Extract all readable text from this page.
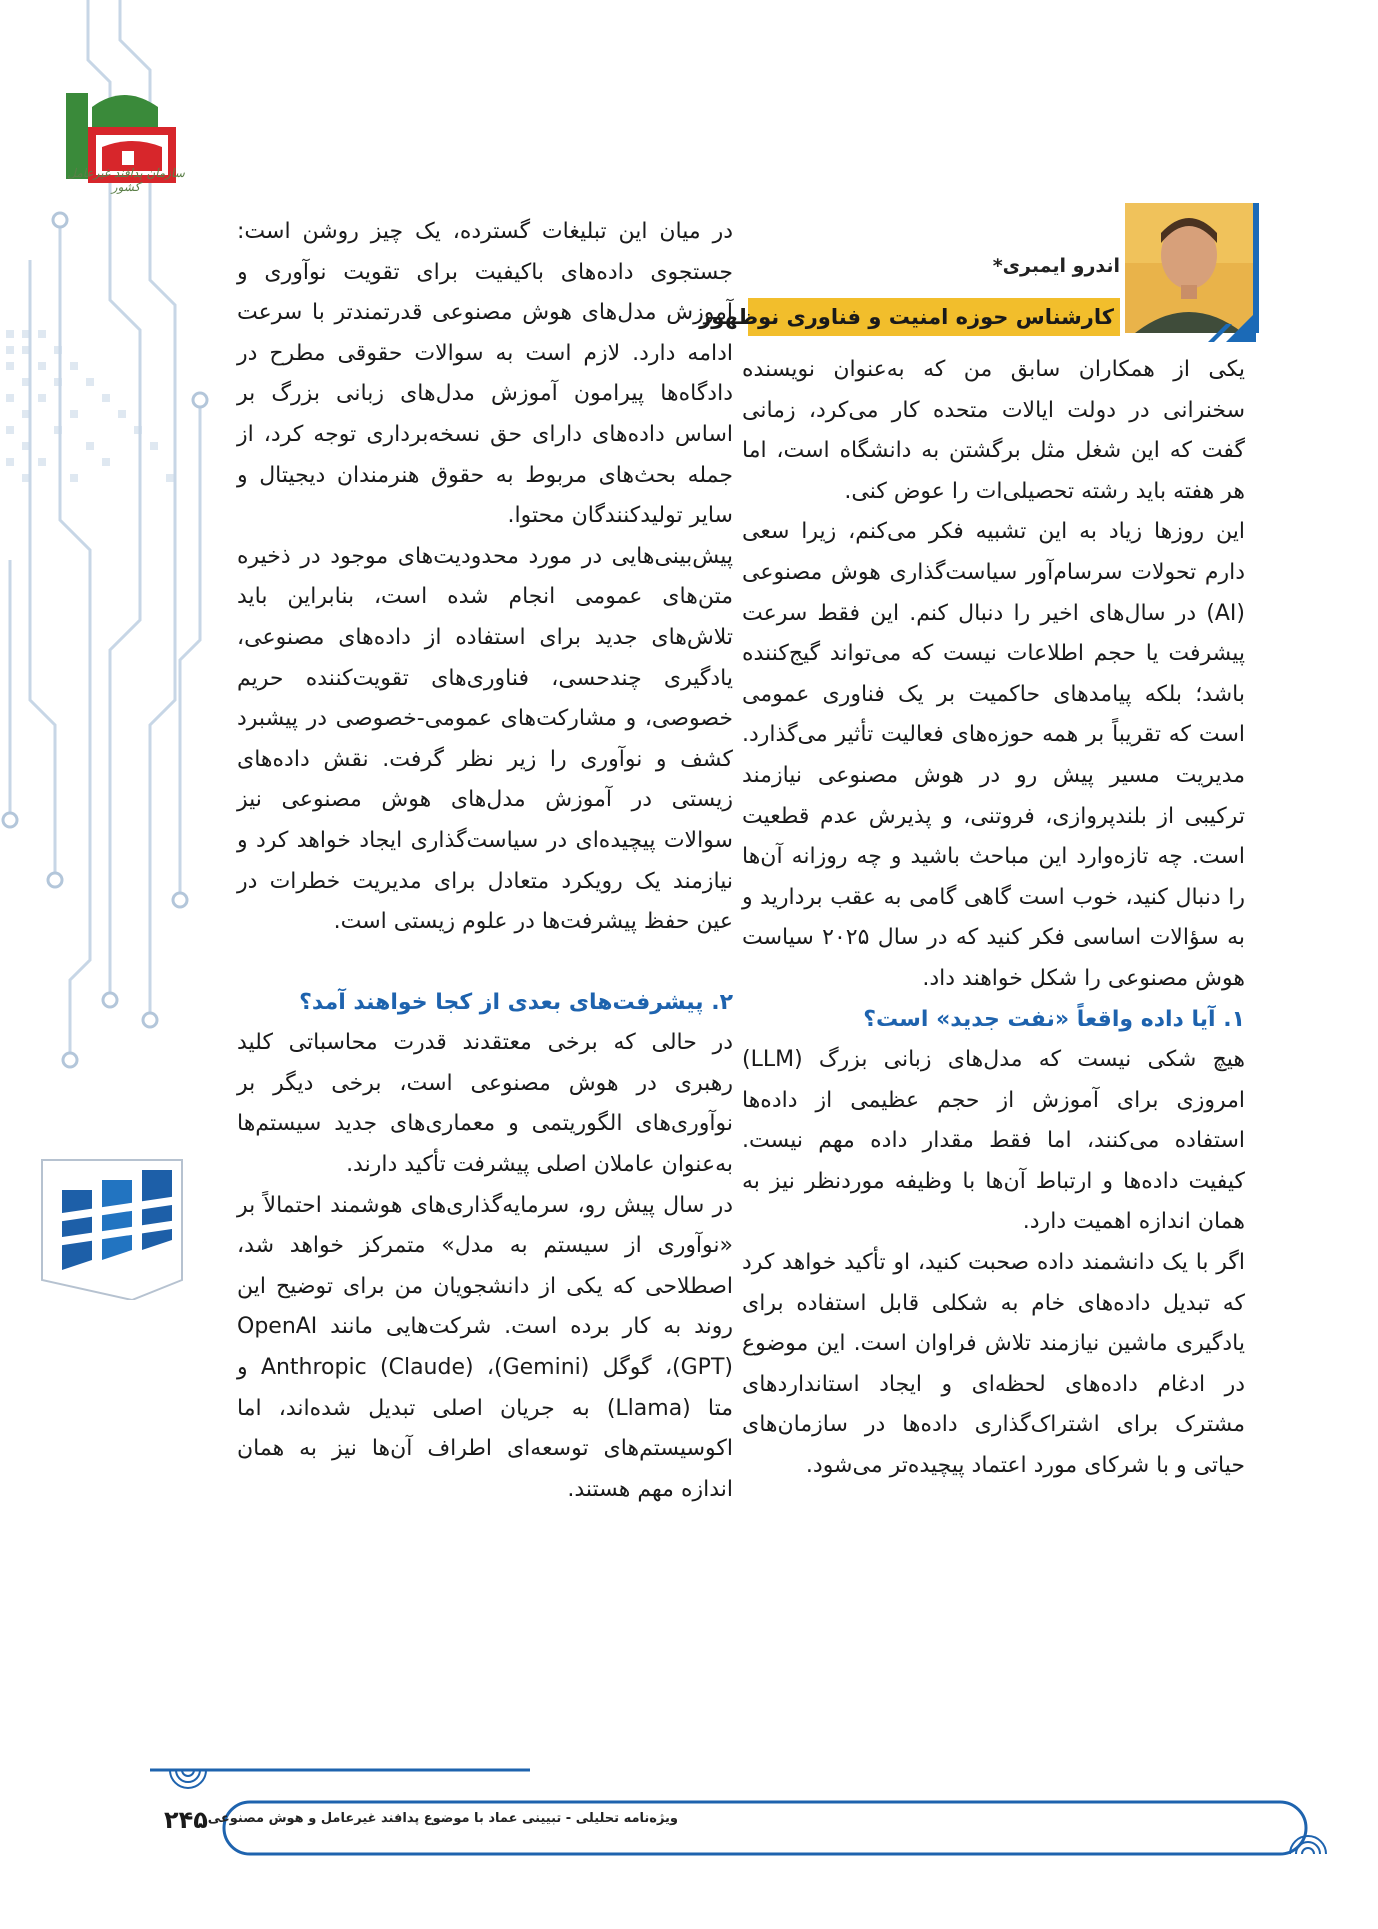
سازمان پدافند غیرعامل کشور
اندرو ایمبری*
کارشناس حوزه امنیت و فناوری نوظهور

یکی از همکاران سابق من که به‌عنوان نویسنده سخنرانی در دولت ایالات متحده کار می‌کرد، زمانی گفت که این شغل مثل برگشتن به دانشگاه است، اما هر هفته باید رشته تحصیلی‌ات را عوض کنی.

این روزها زیاد به این تشبیه فکر می‌کنم، زیرا سعی دارم تحولات سرسام‌آور سیاست‌گذاری هوش مصنوعی (AI) در سال‌های اخیر را دنبال کنم. این فقط سرعت پیشرفت یا حجم اطلاعات نیست که می‌تواند گیج‌کننده باشد؛ بلکه پیامدهای حاکمیت بر یک فناوری عمومی است که تقریباً بر همه حوزه‌های فعالیت تأثیر می‌گذارد. مدیریت مسیر پیش رو در هوش مصنوعی نیازمند ترکیبی از بلندپروازی، فروتنی، و پذیرش عدم قطعیت است. چه تازه‌وارد این مباحث باشید و چه روزانه آن‌ها را دنبال کنید، خوب است گاهی گامی به عقب بردارید و به سؤالات اساسی فکر کنید که در سال ۲۰۲۵ سیاست هوش مصنوعی را شکل خواهند داد.

۱. آیا داده واقعاً «نفت جدید» است؟

هیچ شکی نیست که مدل‌های زبانی بزرگ (LLM) امروزی برای آموزش از حجم عظیمی از داده‌ها استفاده می‌کنند، اما فقط مقدار داده مهم نیست. کیفیت داده‌ها و ارتباط آن‌ها با وظیفه موردنظر نیز به همان اندازه اهمیت دارد.

اگر با یک دانشمند داده صحبت کنید، او تأکید خواهد کرد که تبدیل داده‌های خام به شکلی قابل استفاده برای یادگیری ماشین نیازمند تلاش فراوان است. این موضوع در ادغام داده‌های لحظه‌ای و ایجاد استانداردهای مشترک برای اشتراک‌گذاری داده‌ها در سازمان‌های حیاتی و با شرکای مورد اعتماد پیچیده‌تر می‌شود.

در میان این تبلیغات گسترده، یک چیز روشن است: جستجوی داده‌های باکیفیت برای تقویت نوآوری و آموزش مدل‌های هوش مصنوعی قدرتمندتر با سرعت ادامه دارد. لازم است به سوالات حقوقی مطرح در دادگاه‌ها پیرامون آموزش مدل‌های زبانی بزرگ بر اساس داده‌های دارای حق نسخه‌برداری توجه کرد، از جمله بحث‌های مربوط به حقوق هنرمندان دیجیتال و سایر تولیدکنندگان محتوا.

پیش‌بینی‌هایی در مورد محدودیت‌های موجود در ذخیره متن‌های عمومی انجام شده است، بنابراین باید تلاش‌های جدید برای استفاده از داده‌های مصنوعی، یادگیری چندحسی، فناوری‌های تقویت‌کننده حریم خصوصی، و مشارکت‌های عمومی-خصوصی در پیشبرد کشف و نوآوری را زیر نظر گرفت. نقش داده‌های زیستی در آموزش مدل‌های هوش مصنوعی نیز سوالات پیچیده‌ای در سیاست‌گذاری ایجاد خواهد کرد و نیازمند یک رویکرد متعادل برای مدیریت خطرات در عین حفظ پیشرفت‌ها در علوم زیستی است.

۲. پیشرفت‌های بعدی از کجا خواهند آمد؟

در حالی که برخی معتقدند قدرت محاسباتی کلید رهبری در هوش مصنوعی است، برخی دیگر بر نوآوری‌های الگوریتمی و معماری‌های جدید سیستم‌ها به‌عنوان عاملان اصلی پیشرفت تأکید دارند.

در سال پیش رو، سرمایه‌گذاری‌های هوشمند احتمالاً بر «نوآوری از سیستم به مدل» متمرکز خواهد شد، اصطلاحی که یکی از دانشجویان من برای توضیح این روند به کار برده است. شرکت‌هایی مانند OpenAI (GPT)، گوگل (Gemini)، Anthropic (Claude) و متا (Llama) به جریان اصلی تبدیل شده‌اند، اما اکوسیستم‌های توسعه‌ای اطراف آن‌ها نیز به همان اندازه مهم هستند.

۲۴۵ ویژه‌نامه تحلیلی - تبیینی عماد با موضوع پدافند غیرعامل و هوش مصنوعی
